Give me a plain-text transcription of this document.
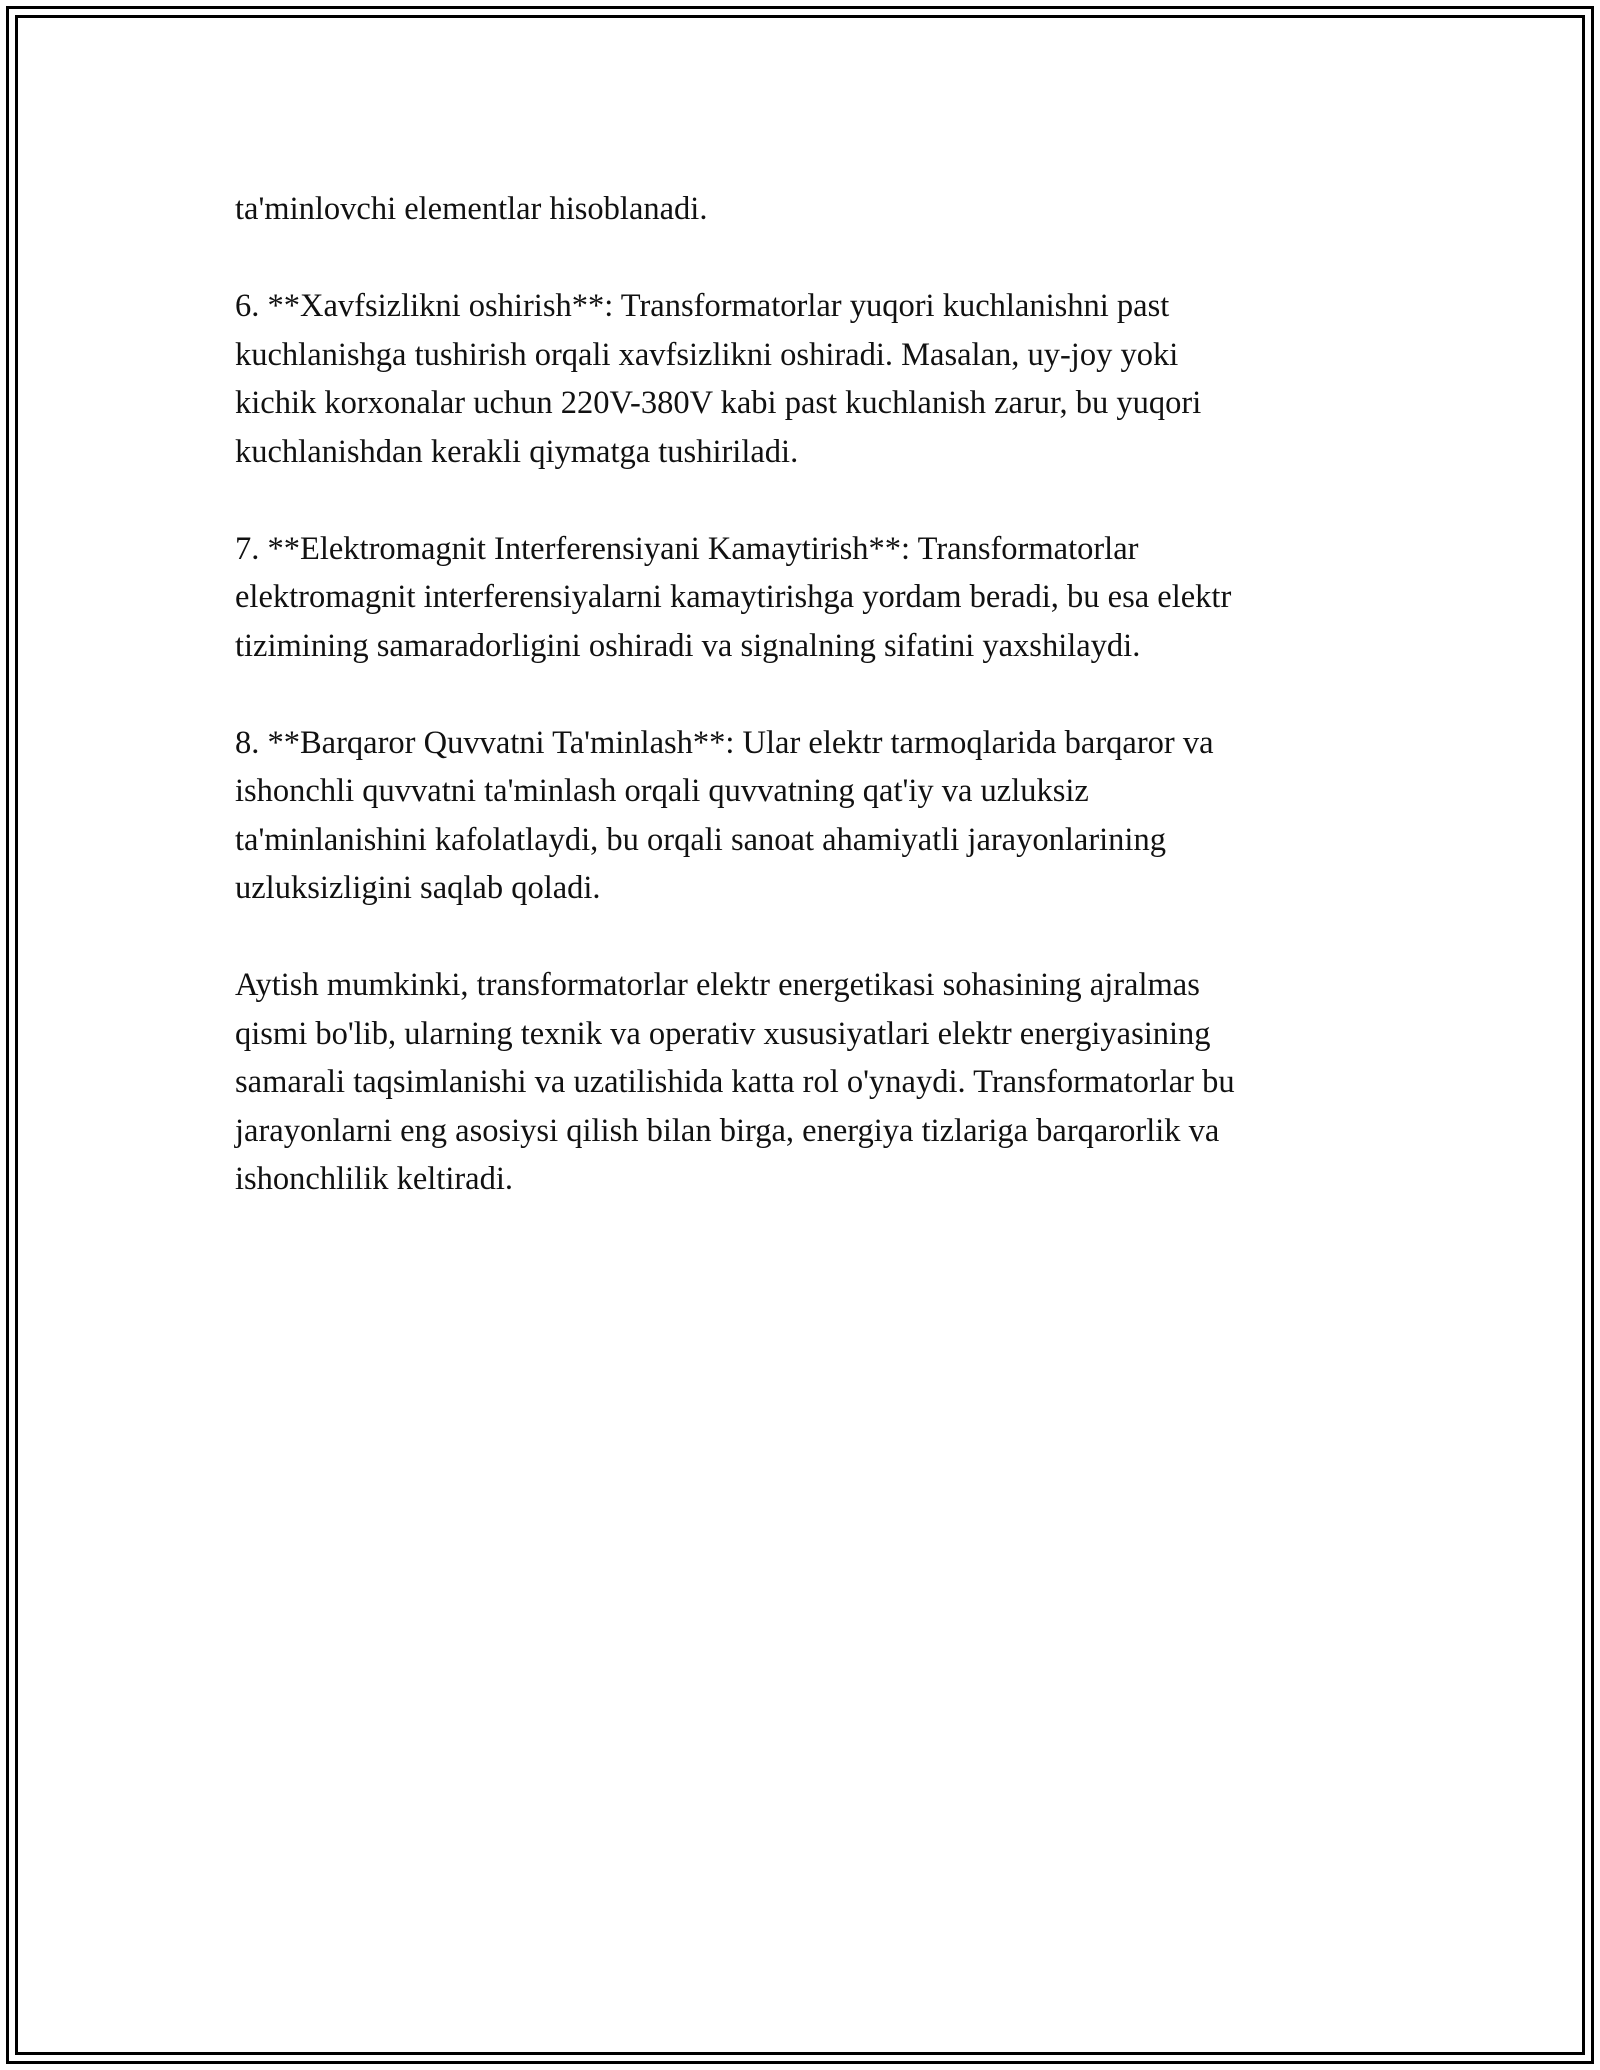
ta'minlovchi elementlar hisoblanadi.

6. **Xavfsizlikni oshirish**: Transformatorlar yuqori kuchlanishni past
kuchlanishga tushirish orqali xavfsizlikni oshiradi. Masalan, uy-joy yoki
kichik korxonalar uchun 220V-380V kabi past kuchlanish zarur, bu yuqori
kuchlanishdan kerakli qiymatga tushiriladi.

7. **Elektromagnit Interferensiyani Kamaytirish**: Transformatorlar
elektromagnit interferensiyalarni kamaytirishga yordam beradi, bu esa elektr
tizimining samaradorligini oshiradi va signalning sifatini yaxshilaydi.

8. **Barqaror Quvvatni Ta'minlash**: Ular elektr tarmoqlarida barqaror va
ishonchli quvvatni ta'minlash orqali quvvatning qat'iy va uzluksiz
ta'minlanishini kafolatlaydi, bu orqali sanoat ahamiyatli jarayonlarining
uzluksizligini saqlab qoladi.

Aytish mumkinki, transformatorlar elektr energetikasi sohasining ajralmas
qismi bo'lib, ularning texnik va operativ xususiyatlari elektr energiyasining
samarali taqsimlanishi va uzatilishida katta rol o'ynaydi. Transformatorlar bu
jarayonlarni eng asosiysi qilish bilan birga, energiya tizlariga barqarorlik va
ishonchlilik keltiradi.
